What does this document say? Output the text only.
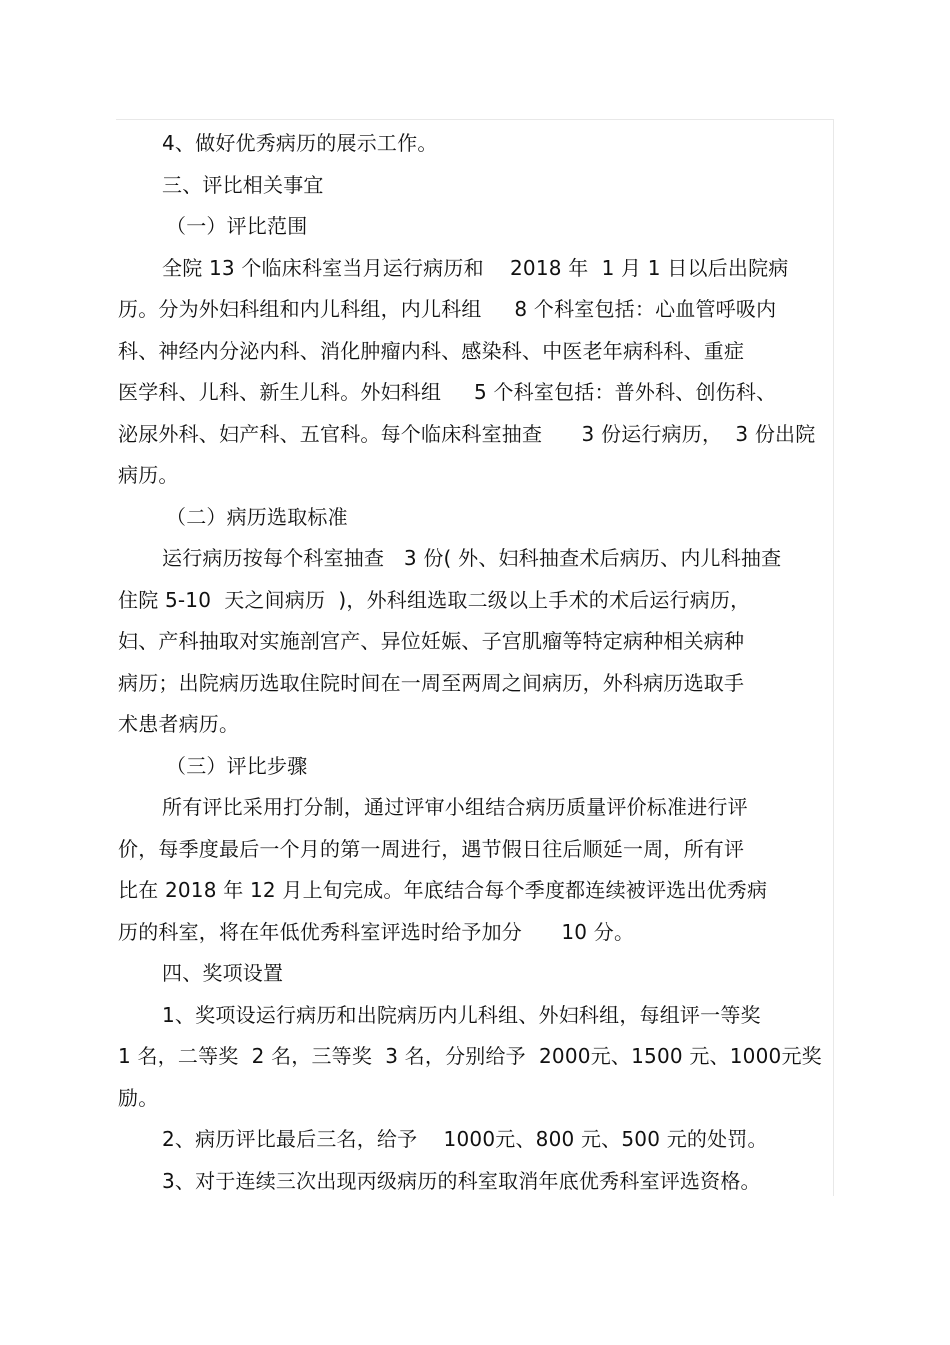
4、做好优秀病历的展示工作。
三、评比相关事宜
（一）评比范围
全院 13 个临床科室当月运行病历和    2018 年  1 月 1 日以后出院病
历。分为外妇科组和内儿科组，内儿科组     8 个科室包括：心血管呼吸内
科、神经内分泌内科、消化肿瘤内科、感染科、中医老年病科科、重症
医学科、儿科、新生儿科。外妇科组     5 个科室包括：普外科、创伤科、
泌尿外科、妇产科、五官科。每个临床科室抽查      3 份运行病历，  3 份出院
病历。
（二）病历选取标准
运行病历按每个科室抽查   3 份( 外、妇科抽查术后病历、内儿科抽查
住院 5-10  天之间病历  )，外科组选取二级以上手术的术后运行病历，
妇、产科抽取对实施剖宫产、异位妊娠、子宫肌瘤等特定病种相关病种
病历；出院病历选取住院时间在一周至两周之间病历，外科病历选取手
术患者病历。
（三）评比步骤
所有评比采用打分制，通过评审小组结合病历质量评价标准进行评
价，每季度最后一个月的第一周进行，遇节假日往后顺延一周，所有评
比在 2018 年 12 月上旬完成。年底结合每个季度都连续被评选出优秀病
历的科室，将在年低优秀科室评选时给予加分      10 分。
四、奖项设置
1、奖项设运行病历和出院病历内儿科组、外妇科组，每组评一等奖
1 名，二等奖  2 名，三等奖  3 名，分别给予  2000元、1500 元、1000元奖
励。
2、病历评比最后三名，给予    1000元、800 元、500 元的处罚。
3、对于连续三次出现丙级病历的科室取消年底优秀科室评选资格。
